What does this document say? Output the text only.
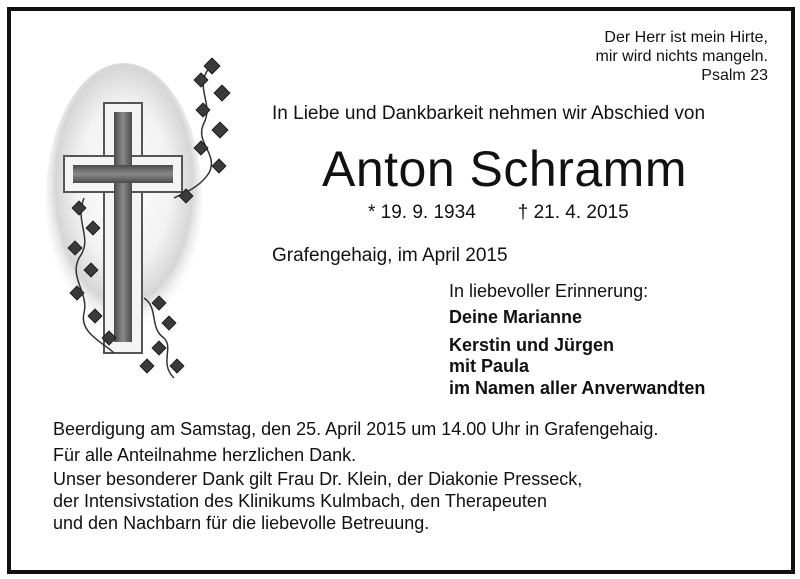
Der Herr ist mein Hirte,
mir wird nichts mangeln.
Psalm 23
In Liebe und Dankbarkeit nehmen wir Abschied von
Anton Schramm
* 19. 9. 1934 † 21. 4. 2015
Grafengehaig, im April 2015
In liebevoller Erinnerung:
Deine Marianne
Kerstin und Jürgen
mit Paula
im Namen aller Anverwandten
Beerdigung am Samstag, den 25. April 2015 um 14.00 Uhr in Grafengehaig.
Für alle Anteilnahme herzlichen Dank.
Unser besonderer Dank gilt Frau Dr. Klein, der Diakonie Presseck,
der Intensivstation des Klinikums Kulmbach, den Therapeuten
und den Nachbarn für die liebevolle Betreuung.
